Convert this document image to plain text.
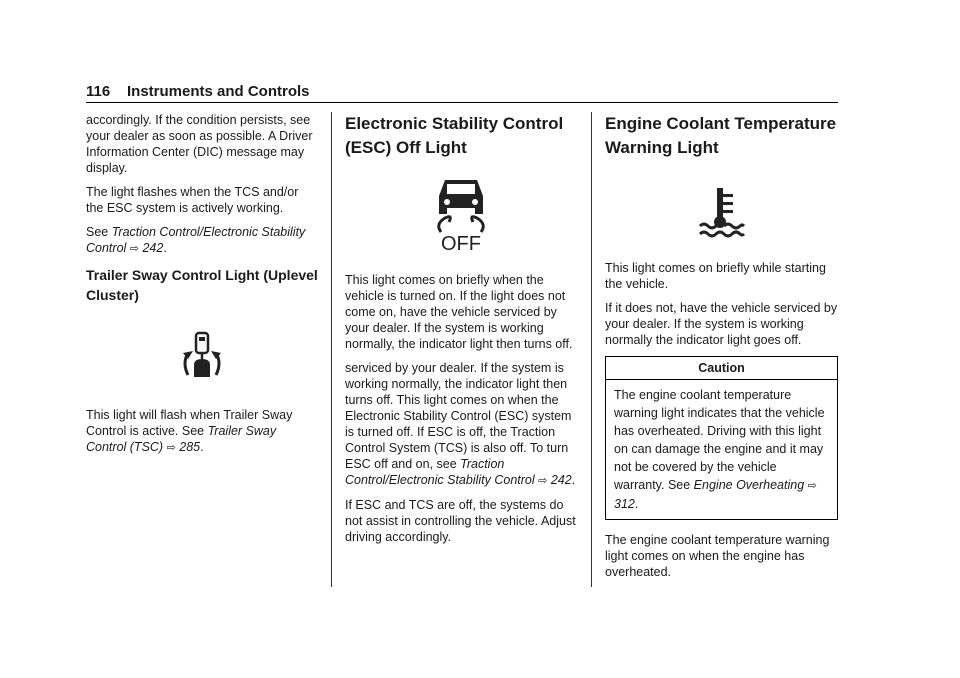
116 Instruments and Controls

accordingly. If the condition persists, see your dealer as soon as possible. A Driver Information Center (DIC) message may display.

The light flashes when the TCS and/or the ESC system is actively working.

See Traction Control/Electronic Stability Control ⇨ 242.

Trailer Sway Control Light (Uplevel Cluster)

This light will flash when Trailer Sway Control is active. See Trailer Sway Control (TSC) ⇨ 285.

Electronic Stability Control (ESC) Off Light
OFF

This light comes on briefly when the vehicle is turned on. If the light does not come on, have the vehicle serviced by your dealer. If the system is working normally, the indicator light then turns off.

serviced by your dealer. If the system is working normally, the indicator light then turns off. This light comes on when the Electronic Stability Control (ESC) system is turned off. If ESC is off, the Traction Control System (TCS) is also off. To turn ESC off and on, see Traction Control/Electronic Stability Control ⇨ 242.

If ESC and TCS are off, the systems do not assist in controlling the vehicle. Adjust driving accordingly.

Engine Coolant Temperature Warning Light

This light comes on briefly while starting the vehicle.

If it does not, have the vehicle serviced by your dealer. If the system is working normally the indicator light goes off.

Caution
The engine coolant temperature warning light indicates that the vehicle has overheated. Driving with this light on can damage the engine and it may not be covered by the vehicle warranty. See Engine Overheating ⇨ 312.

The engine coolant temperature warning light comes on when the engine has overheated.
